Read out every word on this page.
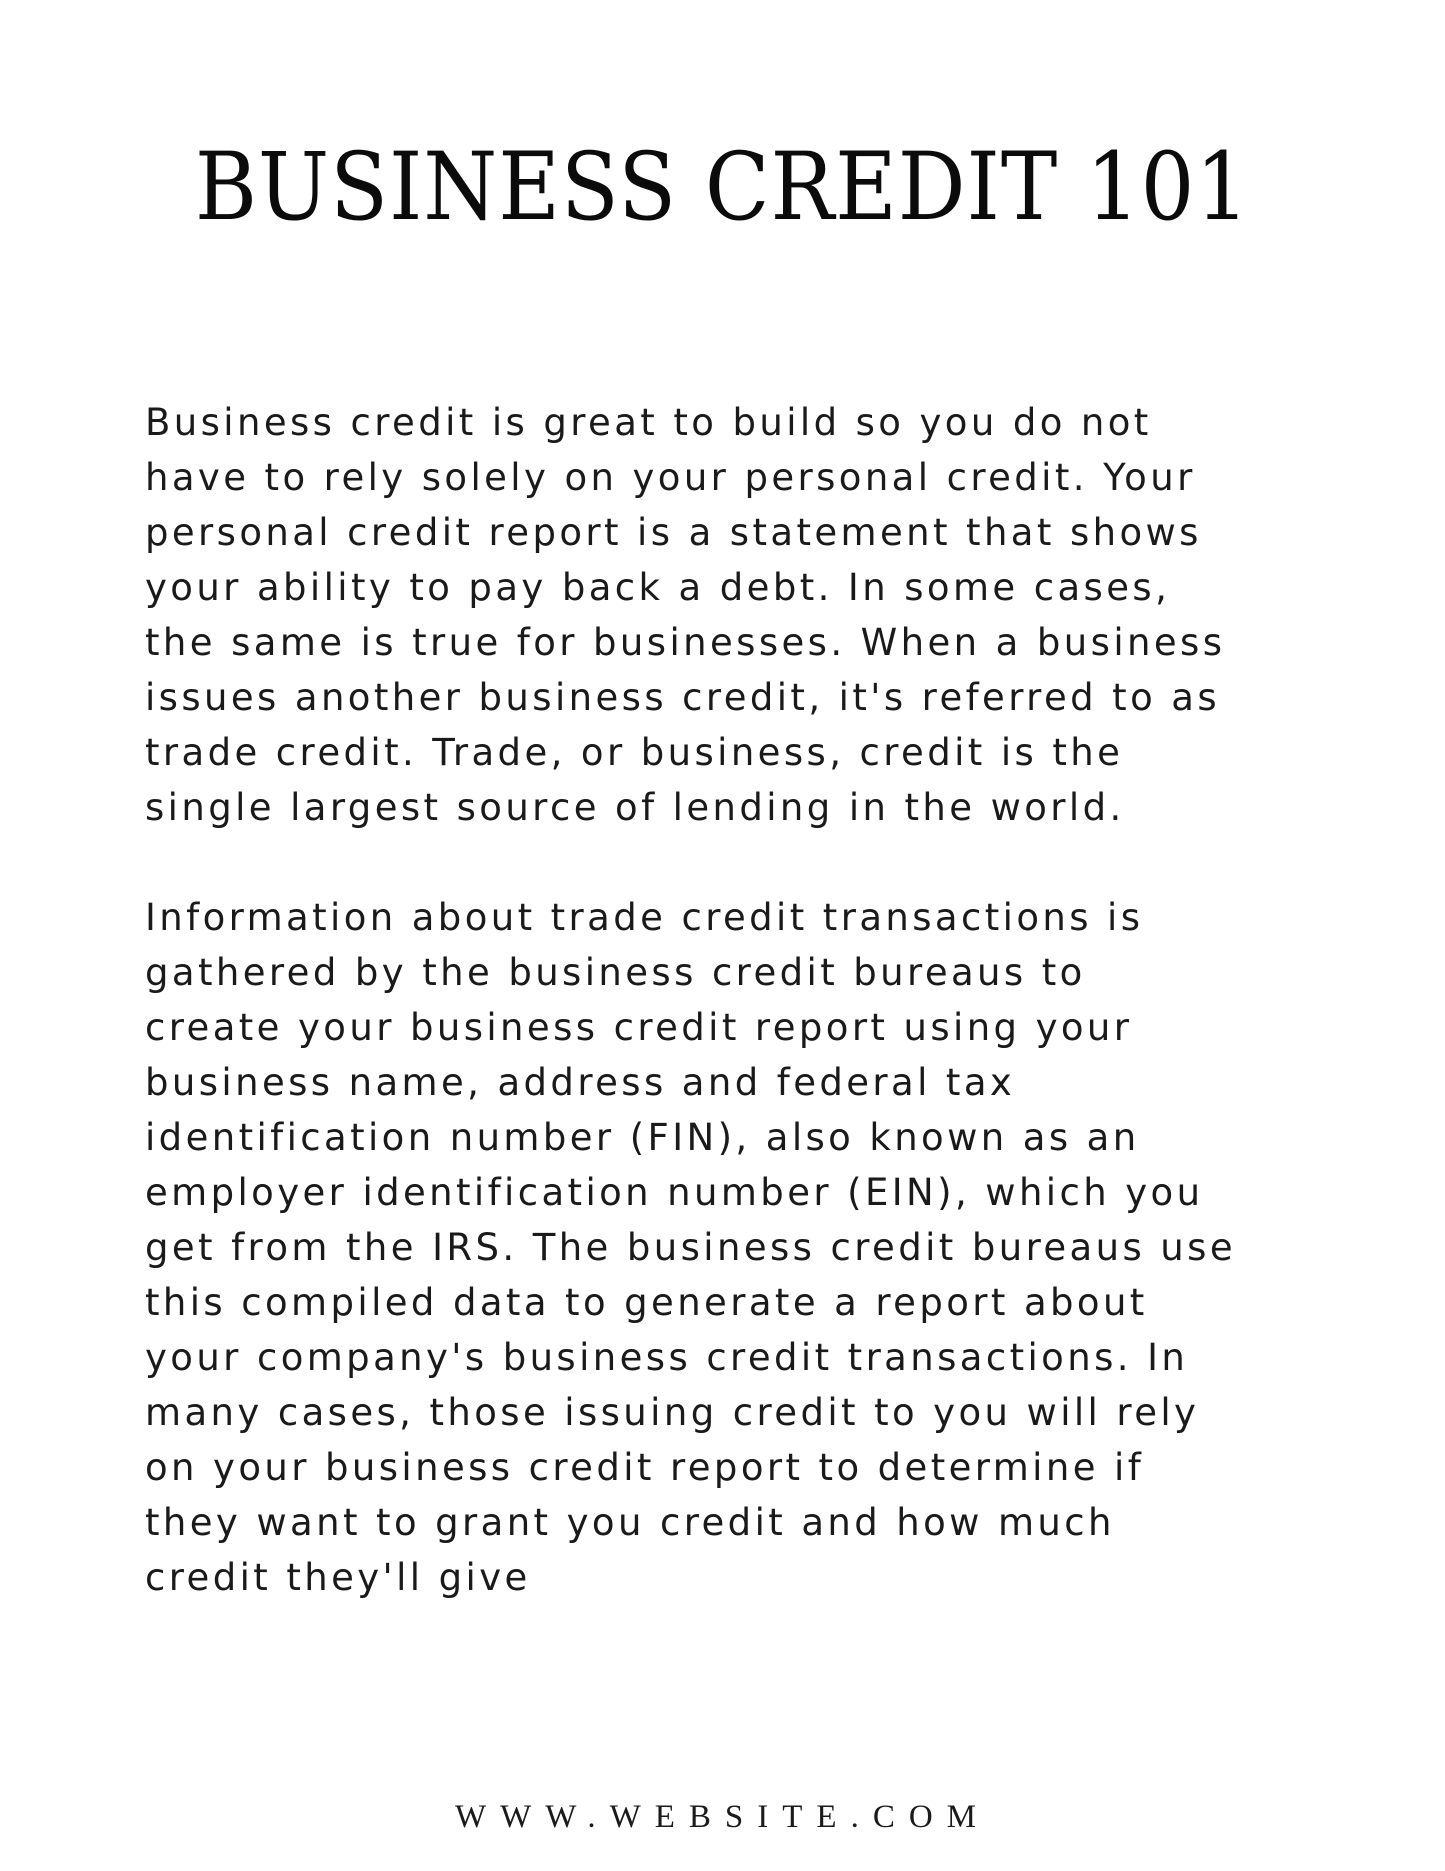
BUSINESS CREDIT 101
Business credit is great to build so you do not
have to rely solely on your personal credit. Your
personal credit report is a statement that shows
your ability to pay back a debt. In some cases,
the same is true for businesses. When a business
issues another business credit, it's referred to as
trade credit. Trade, or business, credit is the
single largest source of lending in the world.
Information about trade credit transactions is
gathered by the business credit bureaus to
create your business credit report using your
business name, address and federal tax
identification number (FIN), also known as an
employer identification number (EIN), which you
get from the IRS. The business credit bureaus use
this compiled data to generate a report about
your company's business credit transactions. In
many cases, those issuing credit to you will rely
on your business credit report to determine if
they want to grant you credit and how much
credit they'll give
WWW.WEBSITE.COM
